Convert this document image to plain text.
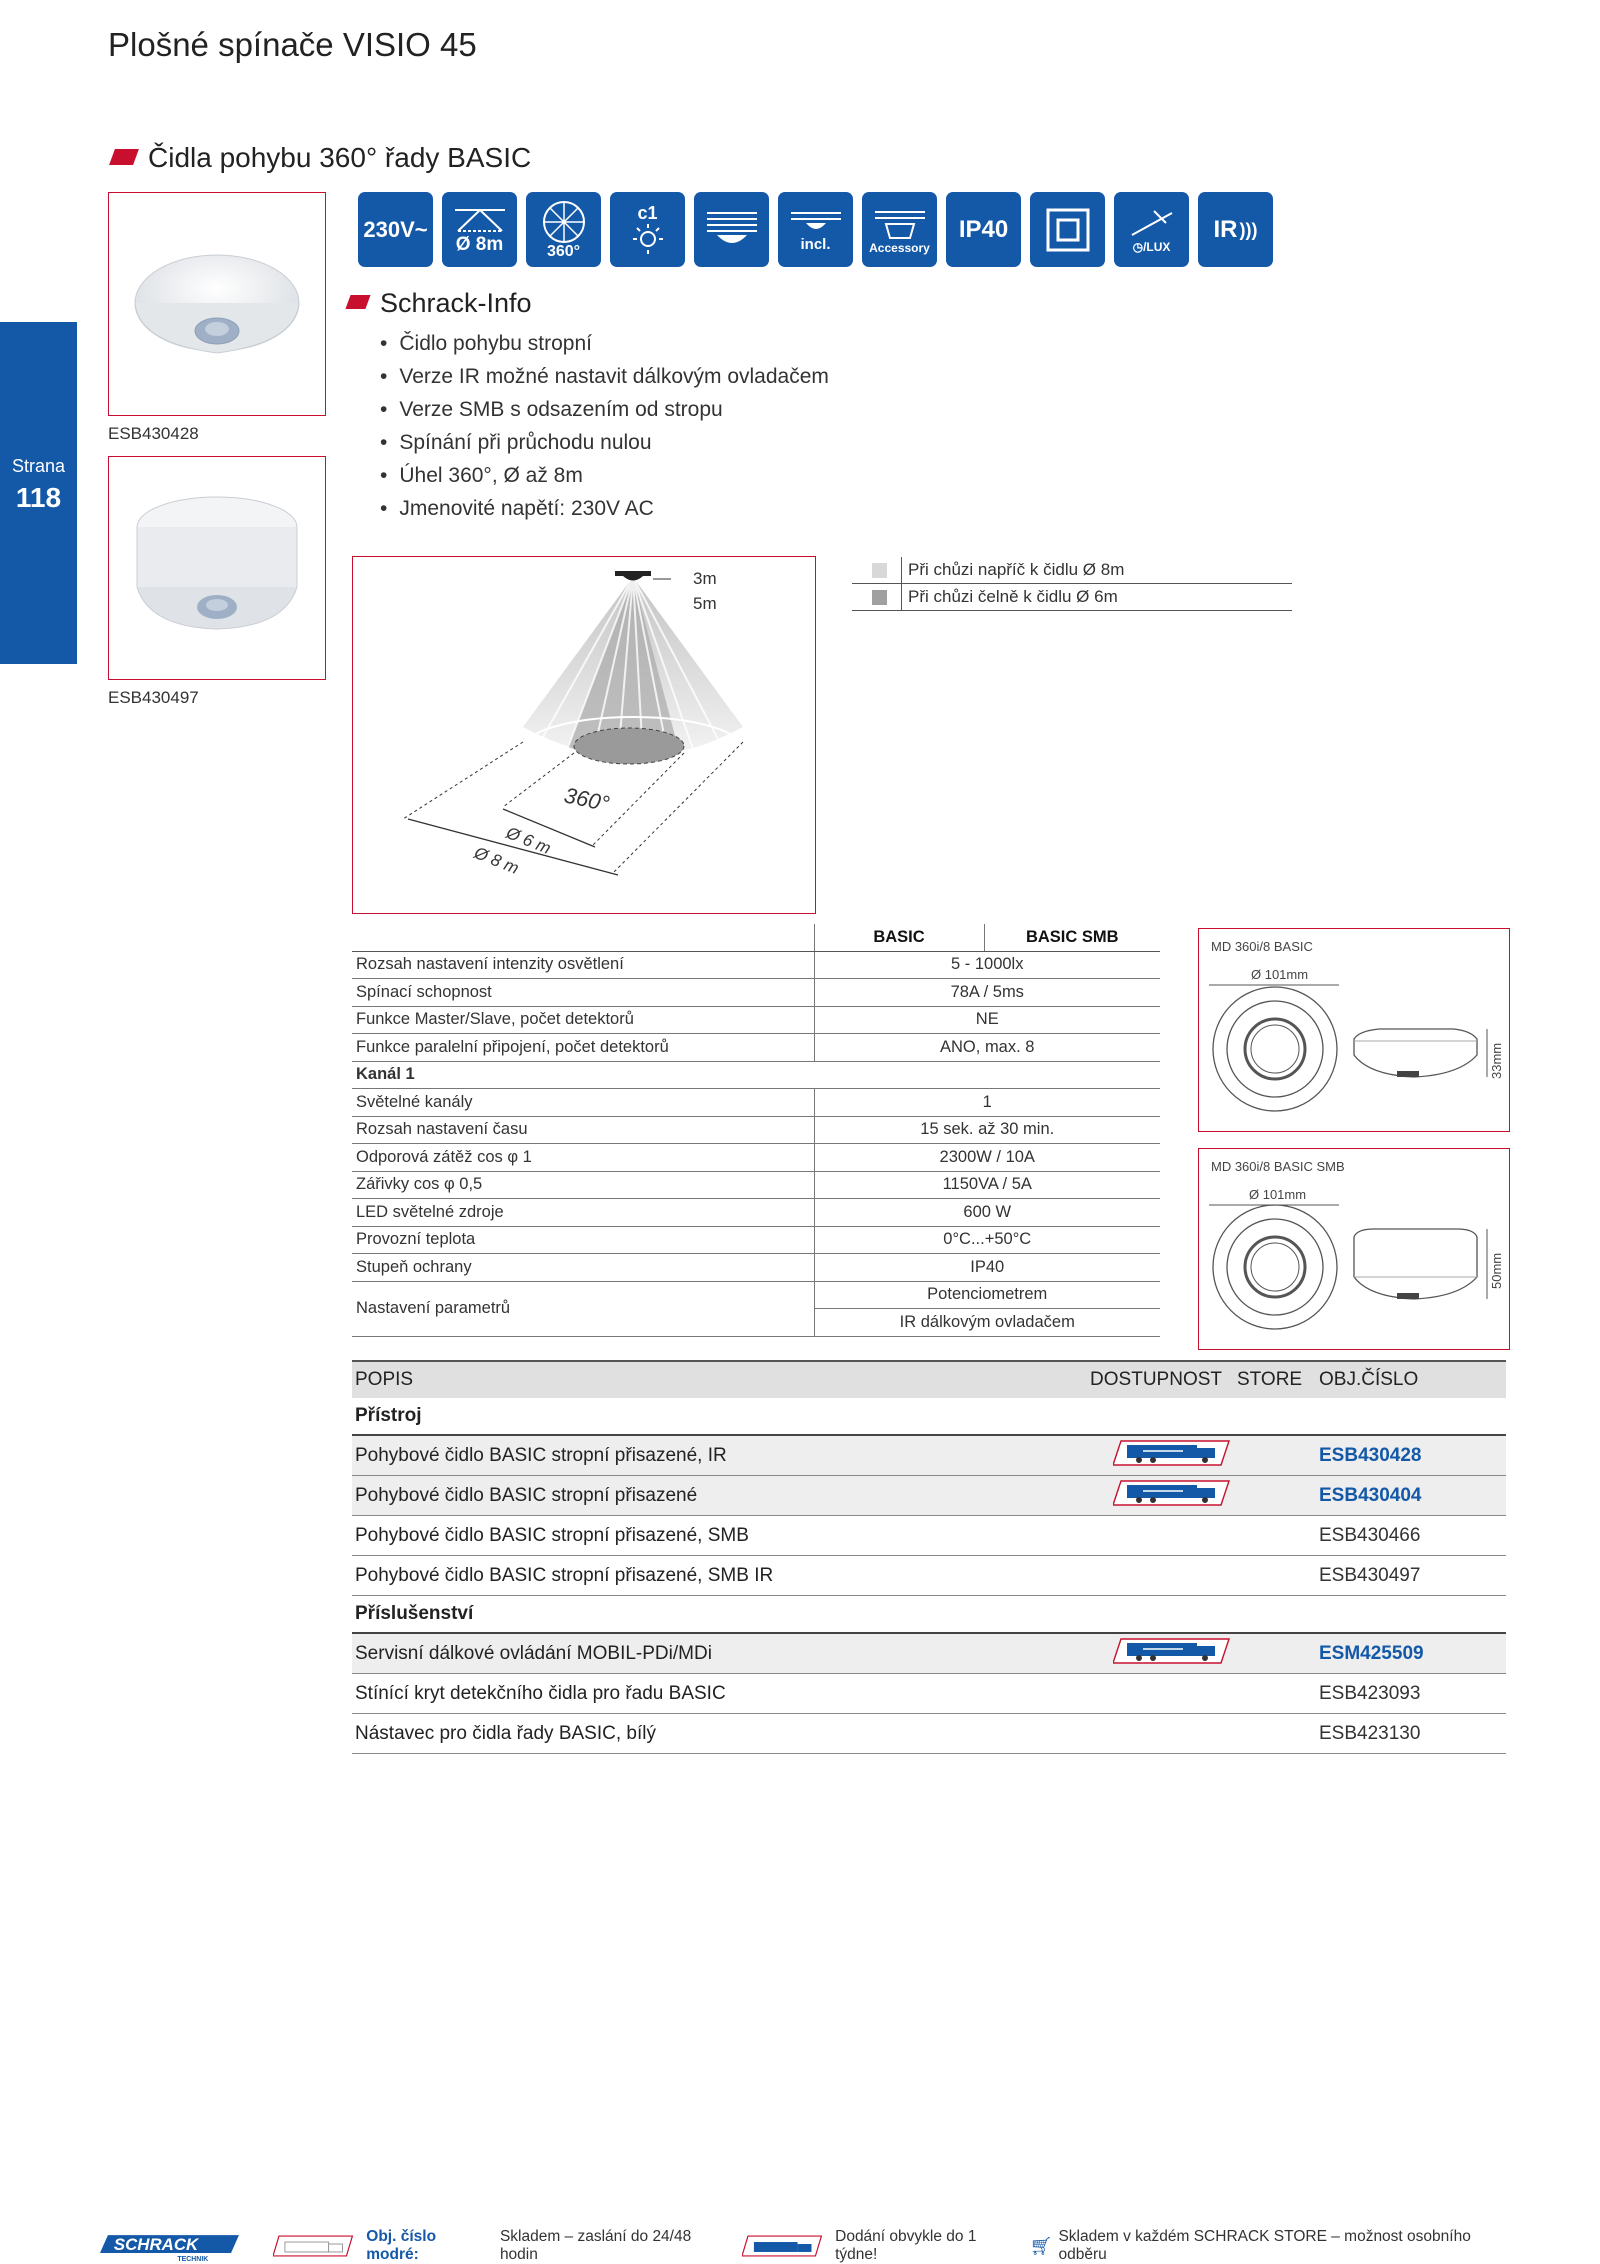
Plošné spínače VISIO 45
Čidla pohybu 360° řady BASIC
Strana
118
ESB430428
ESB430497
230V~
Ø 8m	360°
c1
incl.	Accessory
IP40
◷/LUX
IR )))
Schrack-Info
• Čidlo pohybu stropní
• Verze IR možné nastavit dálkovým ovladačem
• Verze SMB s odsazením od stropu
• Spínání při průchodu nulou
• Úhel 360°, Ø až 8m
• Jmenovité napětí: 230V AC
3m
5m
360°
Ø 6 m
Ø 8 m
Při chůzi napříč k čidlu Ø 8m
Při chůzi čelně k čidlu Ø 6m
	BASIC	BASIC SMB
Rozsah nastavení intenzity osvětlení	5 - 1000lx	
Spínací schopnost	78A / 5ms	
Funkce Master/Slave, počet detektorů	NE	
Funkce paralelní připojení, počet detektorů	ANO, max. 8	
Kanál 1		
Světelné kanály	1	
Rozsah nastavení času	15 sek. až 30 min.	
Odporová zátěž cos φ 1	2300W / 10A	
Zářivky cos φ 0,5	1150VA / 5A	
LED světelné zdroje	600 W	
Provozní teplota	0°C...+50°C	
Stupeň ochrany	IP40	
Nastavení parametrů	Potenciometrem	
	IR dálkovým ovladačem	
MD 360i/8 BASIC
Ø 101mm
33mm
MD 360i/8 BASIC SMB
Ø 101mm
50mm
POPIS	DOSTUPNOST	STORE	OBJ.ČÍSLO
Přístroj			
Pohybové čidlo BASIC stropní přisazené, IR			ESB430428
Pohybové čidlo BASIC stropní přisazené			ESB430404
Pohybové čidlo BASIC stropní přisazené, SMB			ESB430466
Pohybové čidlo BASIC stropní přisazené, SMB IR			ESB430497
Příslušenství			
Servisní dálkové ovládání MOBIL-PDi/MDi			ESM425509
Stínící kryt detekčního čidla pro řadu BASIC			ESB423093
Nástavec pro čidla řady BASIC, bílý			ESB423130
SCHRACK
TECHNIK
Obj. číslo modré:
Skladem – zaslání do 24/48 hodin
Dodání obvykle do 1 týdne!	🛒︎ Skladem v každém SCHRACK STORE – možnost osobního odběru
